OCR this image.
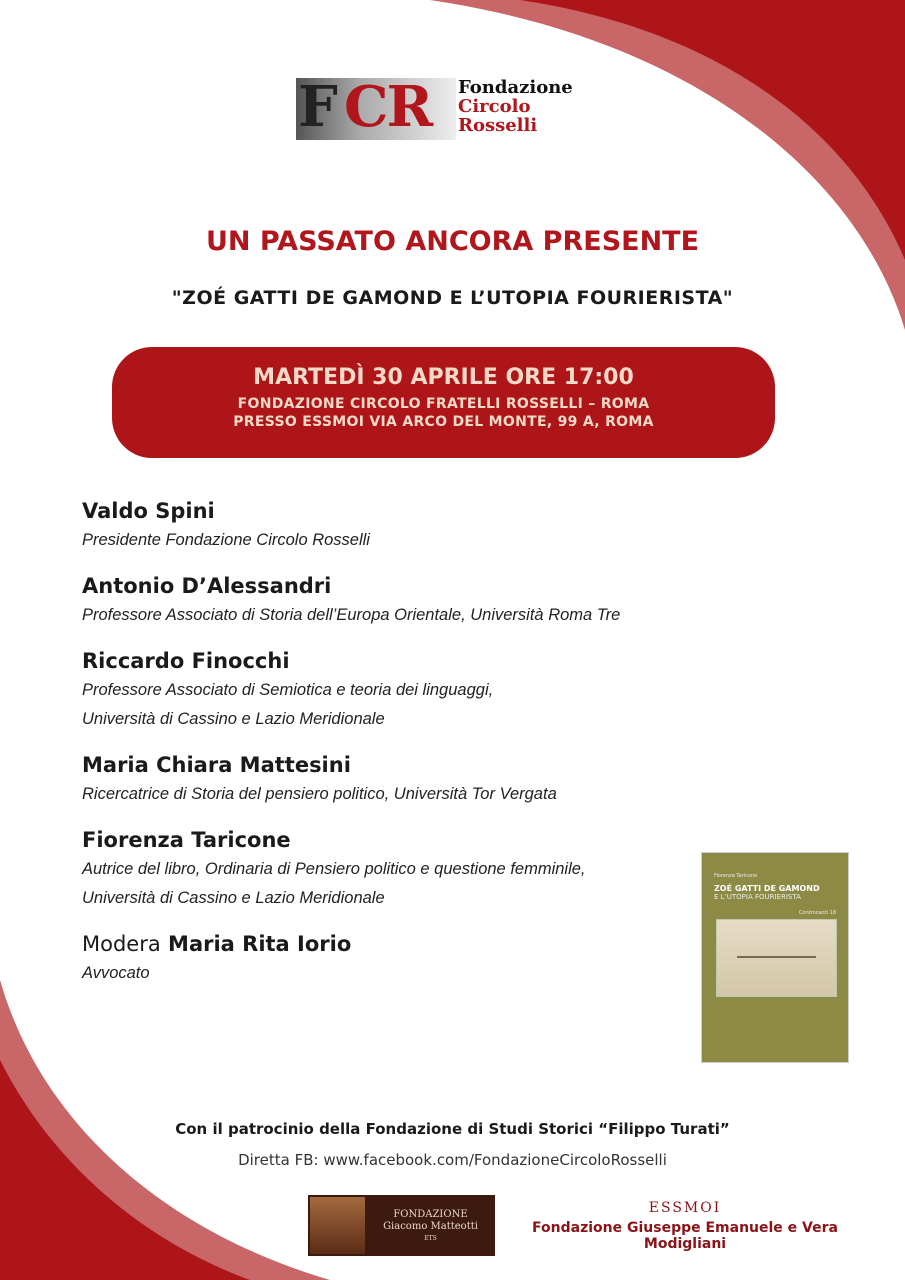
F CR Fondazione
Circolo
Rosselli
UN PASSATO ANCORA PRESENTE
"ZOÉ GATTI DE GAMOND E L’UTOPIA FOURIERISTA"
MARTEDÌ 30 APRILE ORE 17:00
FONDAZIONE CIRCOLO FRATELLI ROSSELLI – ROMA
PRESSO ESSMOI VIA ARCO DEL MONTE, 99 A, ROMA
Valdo Spini
Presidente Fondazione Circolo Rosselli
Antonio D’Alessandri
Professore Associato di Storia dell’Europa Orientale, Università Roma Tre
Riccardo Finocchi
Professore Associato di Semiotica e teoria dei linguaggi,
Università di Cassino e Lazio Meridionale
Maria Chiara Mattesini
Ricercatrice di Storia del pensiero politico, Università Tor Vergata
Fiorenza Taricone
Autrice del libro, Ordinaria di Pensiero politico e questione femminile,
Università di Cassino e Lazio Meridionale
Modera Maria Rita Iorio
Avvocato
Fiorenza Taricone
ZOÉ GATTI DE GAMOND
E L’UTOPIA FOURIERISTA
Controcanti 18
Con il patrocinio della Fondazione di Studi Storici “Filippo Turati”
Diretta FB: www.facebook.com/FondazioneCircoloRosselli
FONDAZIONE
Giacomo Matteotti
ETS
ESSMOI
Fondazione Giuseppe Emanuele e Vera Modigliani
